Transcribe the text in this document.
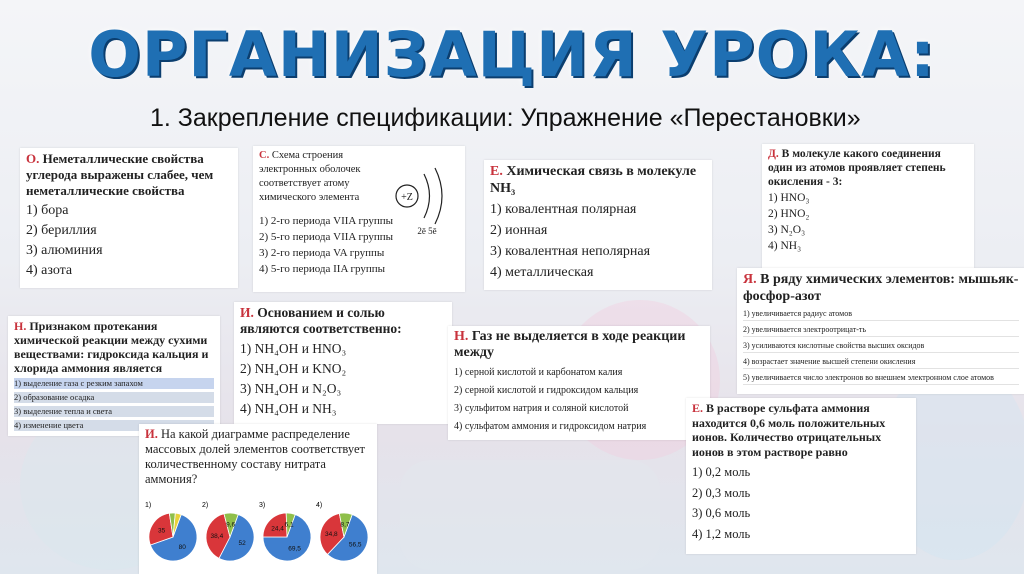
ОРГАНИЗАЦИЯ УРОКА:
1. Закрепление спецификации: Упражнение «Перестановки»
О. Неметаллические свойства углерода выражены слабее, чем неметаллические свойства
1) бора
2) бериллия
3) алюминия
4) азота
С. Схема строения электронных оболочек соответствует атому химического элемента	+Z
2ē 5ē
1) 2-го периода VIIA группы
2) 5-го периода VIIA группы
3) 2-го периода VA группы
4) 5-го периода IIA группы
Е. Химическая связь в молекуле NH₃
1) ковалентная полярная
2) ионная
3) ковалентная неполярная
4) металлическая
Д. В молекуле какого соединения один из атомов проявляет степень окисления - 3:
1) HNO₃
2) HNO₂
3) N₂O₃
4) NH₃
Я. В ряду химических элементов: мышьяк-фосфор-азот
1) увеличивается радиус атомов
2) увеличивается электроотрицат-ть
3) усиливаются кислотные свойства высших оксидов
4) возрастает значение высшей степени окисления
5) увеличивается число электронов во внешнем электронном слое атомов
Н. Признаком протекания химической реакции между сухими веществами: гидроксида кальция и хлорида аммония является
1) выделение газа с резким запахом
2) образование осадка
3) выделение тепла и света
4) изменение цвета
И. Основанием и солью являются соответственно:
1) NH₄OH и HNO₃
2) NH₄OH и KNO₂
3) NH₄OH и N₂O₃
4) NH₄OH и NH₃
Н. Газ не выделяется в ходе реакции между
1) серной кислотой и карбонатом калия
2) серной кислотой и гидроксидом кальция
3) сульфитом натрия и соляной кислотой
4) сульфатом аммония и гидроксидом натрия
Е. В растворе сульфата аммония находится 0,6 моль положительных ионов. Количество отрицательных ионов в этом растворе равно
1) 0,2 моль
2) 0,3 моль
3) 0,6 моль
4) 1,2 моль
И. На какой диаграмме распределение массовых долей элементов соответствует количественному составу нитрата аммония?
1)
80
35
2)
52
38,4
9,6
3)
69,5
24,4
6,1
4)
56,5
34,8
8,7
